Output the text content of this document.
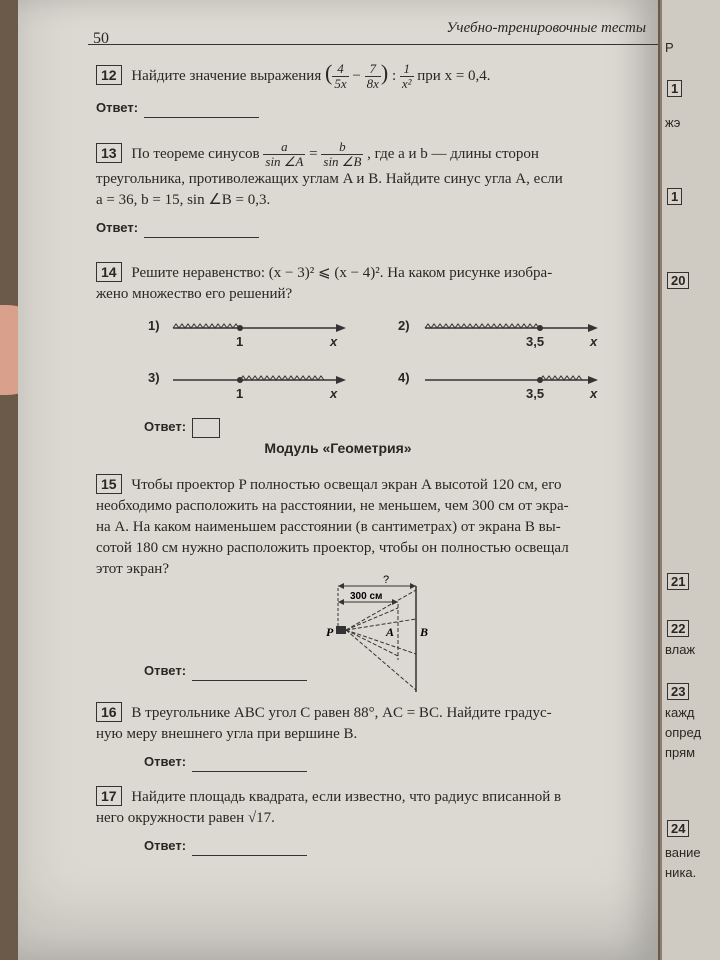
Р
1
жэ
1
20
21
22
влаж
23
кажд
опред
прям
24
вание
ника.
50
Учебно-тренировочные тесты
12 Найдите значение выражения ( $\frac{4}{5x} - \frac{7}{8x}$ ) : $\frac{1}{\text{x²}}$ при x = 0,4.
Ответ:
13 По теореме синусов $\frac{a}{\sin \angle A} = \frac{b}{\sin \angle B}$ , где a и b — длины сторон
треугольника, противолежащих углам A и B. Найдите синус угла A, если
a = 36, b = 15, sin ∠B = 0,3.
Ответ:
14 Решите неравенство: (x − 3)² ⩽ (x − 4)². На каком рисунке изобра-
жено множество его решений?
1)
1	x
2)
3,5	x
3)
1	x
4)
3,5	x
Ответ:
Модуль «Геометрия»
15 Чтобы проектор P полностью освещал экран A высотой 120 см, его
необходимо расположить на расстоянии, не меньшем, чем 300 см от экра-
на A. На каком наименьшем расстоянии (в сантиметрах) от экрана B вы-
сотой 180 см нужно расположить проектор, чтобы он полностью освещал
этот экран?
?
300 см
P	A B
Ответ:
16 В треугольнике ABC угол C равен 88°, AC = BC. Найдите градус-
ную меру внешнего угла при вершине B.
Ответ:
17 Найдите площадь квадрата, если известно, что радиус вписанной в
него окружности равен √17.
Ответ:
